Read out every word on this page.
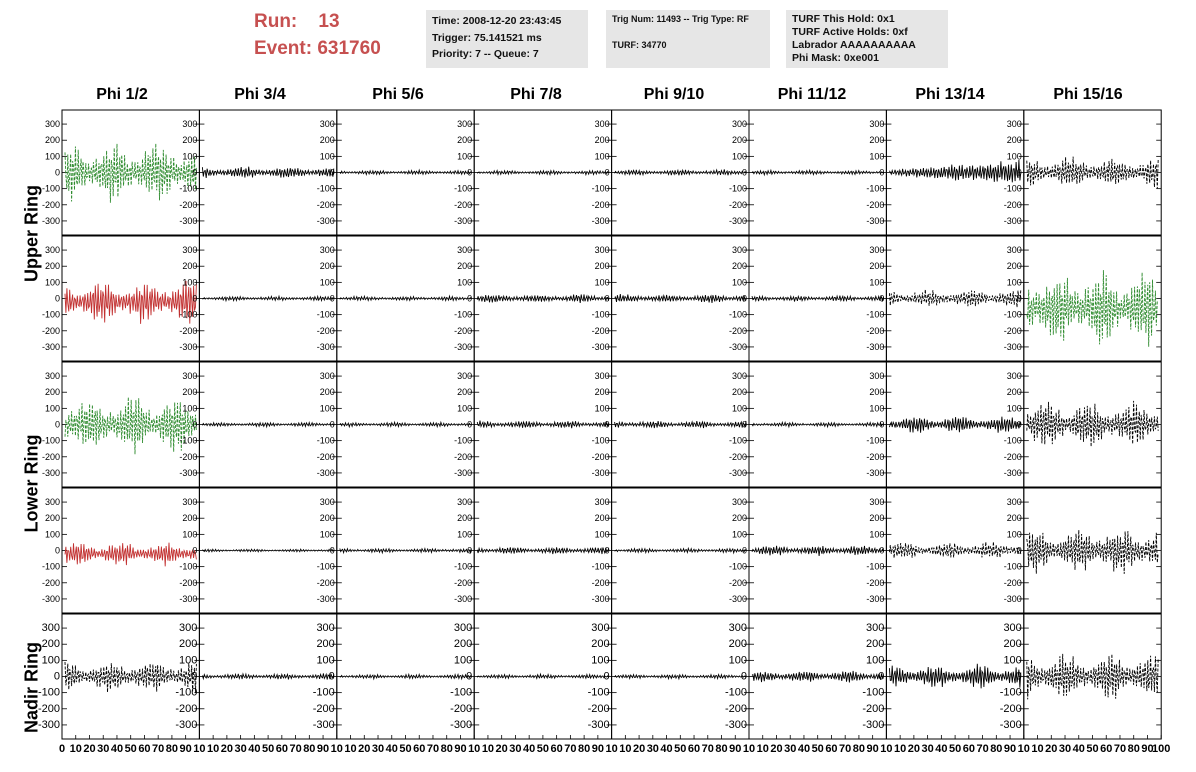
Run: 13
Event: 631760
Time: 2008-12-20 23:43:45
Trigger: 75.141521 ms
Priority: 7 -- Queue: 7
Trig Num: 11493 -- Trig Type: RF
TURF: 34770
TURF This Hold: 0x1
TURF Active Holds: 0xf
Labrador AAAAAAAAAA
Phi Mask: 0xe001
Phi 1/2	Phi 3/4	Phi 5/6	Phi 7/8	Phi 9/10	Phi 11/12	Phi 13/14	Phi 15/16
Upper Ring
Lower Ring
Nadir Ring
-300
-200
-100
0
100
200
300
-300
-200
-100
0
100
200
300
-300
-200
-100
0
100
200
300
-300
-200
-100
0
100
200
300
-300
-200
-100
0
100
200
300
-300
-200
-100
0
100
200
300
-300
-200
-100
0
100
200
300
-300
-200
-100
0
100
200
300
-300
-200
-100
0
100
200
300
-300
-200
-100
0
100
200
300
-300
-200
-100
0
100
200
300
-300
-200
-100
0
100
200
300
-300
-200
-100
0
100
200
300
-300
-200
-100
0
100
200
300
-300
-200
-100
0
100
200
300
-300
-200
-100
0
100
200
300
-300
-200
-100
0
100
200
300
-300
-200
-100
0
100
200
300
-300
-200
-100
0
100
200
300
-300
-200
-100
0
100
200
300
-300
-200
-100
0
100
200
300
-300
-200
-100
0
100
200
300
-300
-200
-100
0
100
200
300
-300
-200
-100
0
100
200
300
-300
-200
-100
0
100
200
300
-300
-200
-100
0
100
200
300
-300
-200
-100
0
100
200
300
-300
-200
-100
0
100
200
300
-300
-200
-100
0
100
200
300
-300
-200
-100
0
100
200
300
-300
-200
-100
0
100
200
300
-300
-200
-100
0
100
200
300
-300
-200
-100
0
100
200
300
0 10 20 30 40 50 60 70 80 90 10
-300
-200
-100
0
100
200
300
10 20 30 40 50 60 70 80 90 10
-300
-200
-100
0
100
200
300
10 20 30 40 50 60 70 80 90 10
-300
-200
-100
0
100
200
300
10 20 30 40 50 60 70 80 90 10
-300
-200
-100
0
100
200
300
10 20 30 40 50 60 70 80 90 10
-300
-200
-100
0
100
200
300
10 20 30 40 50 60 70 80 90 10
-300
-200
-100
0
100
200
300
10 20 30 40 50 60 70 80 90 10
-300
-200
-100
0
100
200
300
10 20 30 40 50 60 70 80 90
100
